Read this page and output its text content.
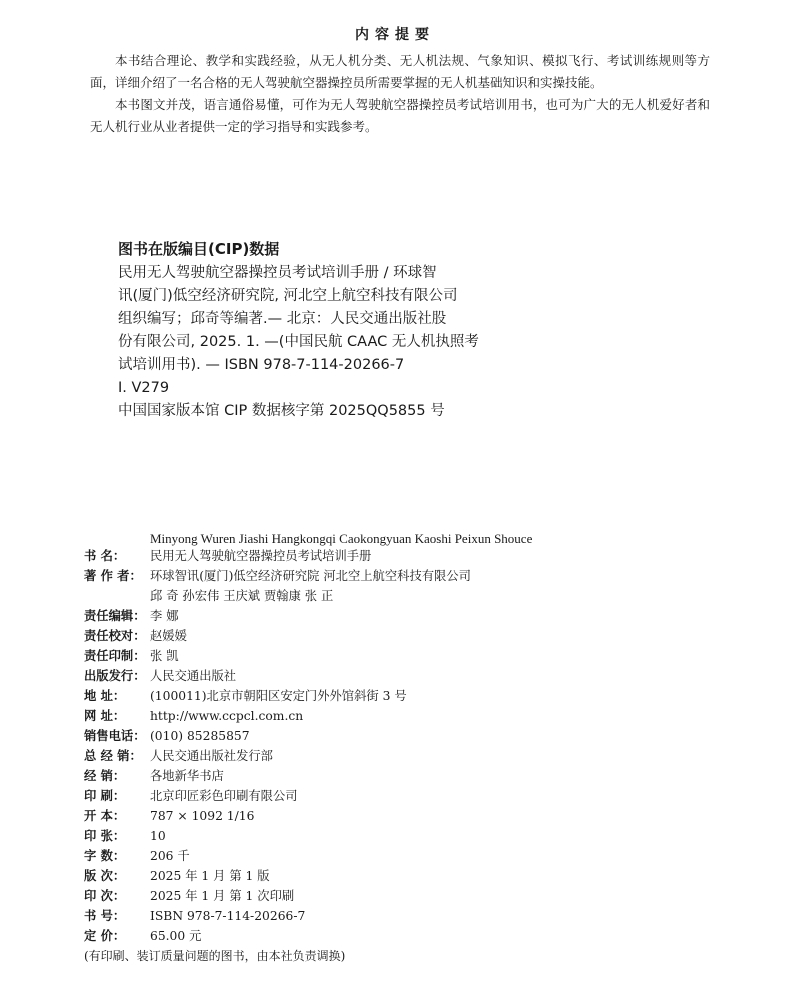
内容提要

本书结合理论、教学和实践经验，从无人机分类、无人机法规、气象知识、模拟飞行、考试训练规则等方面，详细介绍了一名合格的无人驾驶航空器操控员所需要掌握的无人机基础知识和实操技能。

本书图文并茂，语言通俗易懂，可作为无人驾驶航空器操控员考试培训用书，也可为广大的无人机爱好者和无人机行业从业者提供一定的学习指导和实践参考。

图书在版编目(CIP)数据
民用无人驾驶航空器操控员考试培训手册 / 环球智
讯(厦门)低空经济研究院, 河北空上航空科技有限公司
组织编写；邱奇等编著.— 北京：人民交通出版社股
份有限公司, 2025. 1. —(中国民航 CAAC 无人机执照考
试培训用书). — ISBN 978-7-114-20266-7
Ⅰ. V279
中国国家版本馆 CIP 数据核字第 2025QQ5855 号
Minyong Wuren Jiashi Hangkongqi Caokongyuan Kaoshi Peixun Shouce
书 名：	民用无人驾驶航空器操控员考试培训手册
著 作 者： 环球智讯(厦门)低空经济研究院 河北空上航空科技有限公司
邱 奇 孙宏伟 王庆斌 贾翰康 张 正
责任编辑： 李 娜
责任校对： 赵媛媛
责任印制： 张 凯
出版发行： 人民交通出版社
地 址：	(100011)北京市朝阳区安定门外外馆斜街 3 号
网 址：	http://www.ccpcl.com.cn
销售电话： (010) 85285857
总 经 销： 人民交通出版社发行部
经 销：	各地新华书店
印 刷：	北京印匠彩色印刷有限公司
开 本：	787 × 1092 1/16
印 张：	10
字 数：	206 千
版 次：	2025 年 1 月 第 1 版
印 次：	2025 年 1 月 第 1 次印刷
书 号：	ISBN 978-7-114-20266-7
定 价：	65.00 元
(有印刷、装订质量问题的图书，由本社负责调换)
